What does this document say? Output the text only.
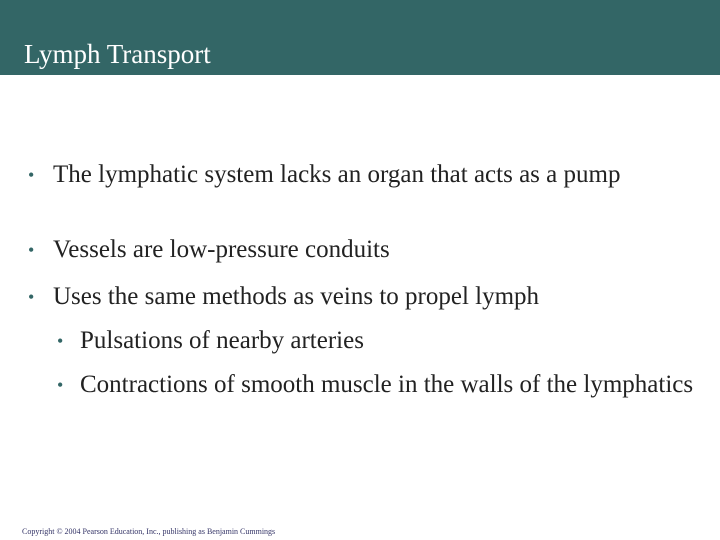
Lymph Transport
• The lymphatic system lacks an organ that acts as a pump
• Vessels are low-pressure conduits
• Uses the same methods as veins to propel lymph
• Pulsations of nearby arteries
• Contractions of smooth muscle in the walls of the lymphatics
Copyright © 2004 Pearson Education, Inc., publishing as Benjamin Cummings
